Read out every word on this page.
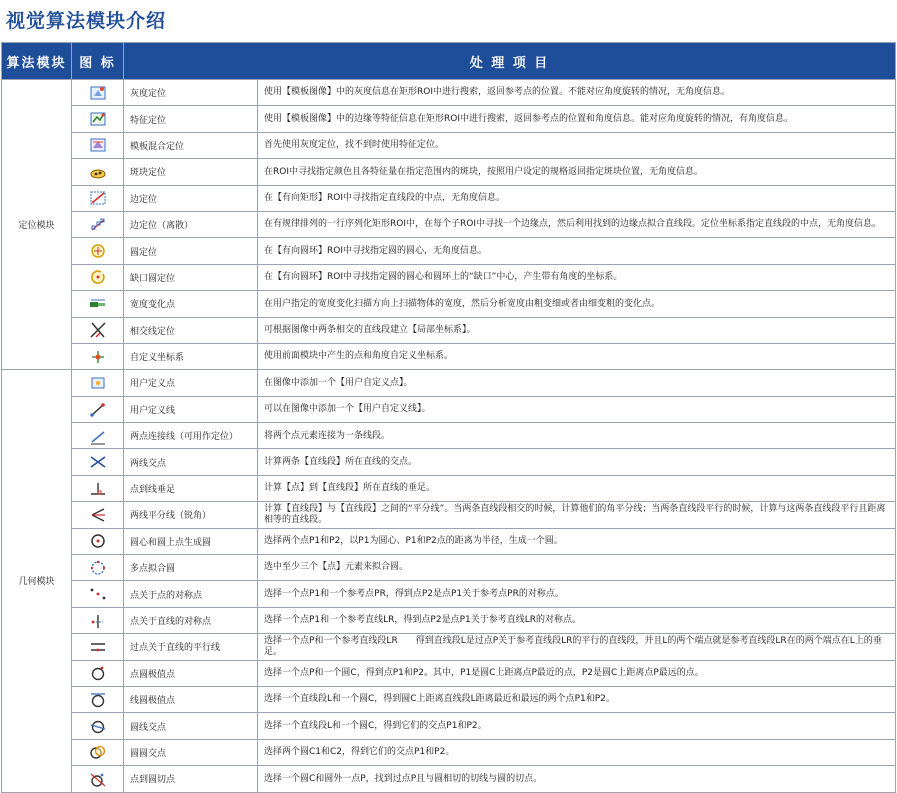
视觉算法模块介绍
算法模块	图 标	处 理 项 目	
定位模块		灰度定位	使用【模板图像】中的灰度信息在矩形ROI中进行搜索，返回参考点的位置。不能对应角度旋转的情况，无角度信息。

	特征定位	使用【模板图像】中的边缘等特征信息在矩形ROI中进行搜索，返回参考点的位置和角度信息。能对应角度旋转的情况，有角度信息。

	模板混合定位	首先使用灰度定位，找不到时使用特征定位。

	斑块定位	在ROI中寻找指定颜色且各特征量在指定范围内的斑块，按照用户设定的规格返回指定斑块位置，无角度信息。

	边定位	在【有向矩形】ROI中寻找指定直线段的中点，无角度信息。

	边定位（离散）	在有规律排列的一行序列化矩形ROI中，在每个子ROI中寻找一个边缘点，然后利用找到的边缘点拟合直线段。定位坐标系指定直线段的中点，无角度信息。

	圆定位	在【有向圆环】ROI中寻找指定圆的圆心，无角度信息。

	缺口圆定位	在【有向圆环】ROI中寻找指定圆的圆心和圆环上的“缺口”中心，产生带有角度的坐标系。

	宽度变化点	在用户指定的宽度变化扫描方向上扫描物体的宽度，然后分析宽度由粗变细或者由细变粗的变化点。

	相交线定位	可根据图像中两条相交的直线段建立【局部坐标系】。

	自定义坐标系	使用前面模块中产生的点和角度自定义坐标系。
几何模块		用户定义点	在图像中添加一个【用户自定义点】。

	用户定义线	可以在图像中添加一个【用户自定义线】。

	两点连接线（可用作定位）	将两个点元素连接为一条线段。

	两线交点	计算两条【直线段】所在直线的交点。

	点到线垂足	计算【点】到【直线段】所在直线的垂足。

	两线平分线（锐角）	计算【直线段】与【直线段】之间的“平分线”。当两条直线段相交的时候，计算他们的角平分线；当两条直线段平行的时候，计算与这两条直线段平行且距离相等的直线段。

	圆心和圆上点生成圆	选择两个点P1和P2，以P1为圆心、P1和P2点的距离为半径，生成一个圆。

	多点拟合圆	选中至少三个【点】元素来拟合圆。

	点关于点的对称点	选择一个点P1和一个参考点PR，得到点P2是点P1关于参考点PR的对称点。

	点关于直线的对称点	选择一个点P1和一个参考直线LR，得到点P2是点P1关于参考直线LR的对称点。

	过点关于直线的平行线	选择一个点P和一个参考直线段LR　　得到直线段L是过点P关于参考直线段LR的平行的直线段，并且L的两个端点就是参考直线段LR在的两个端点在L上的垂足。

	点圆极值点	选择一个点P和一个圆C，得到点P1和P2。其中，P1是圆C上距离点P最近的点，P2是圆C上距离点P最远的点。

	线圆极值点	选择一个直线段L和一个圆C，得到圆C上距离直线段L距离最近和最远的两个点P1和P2。

	圆线交点	选择一个直线段L和一个圆C，得到它们的交点P1和P2。

	圆圆交点	选择两个圆C1和C2，得到它们的交点P1和P2。

	点到圆切点	选择一个圆C和圆外一点P，找到过点P且与圆相切的切线与圆的切点。
